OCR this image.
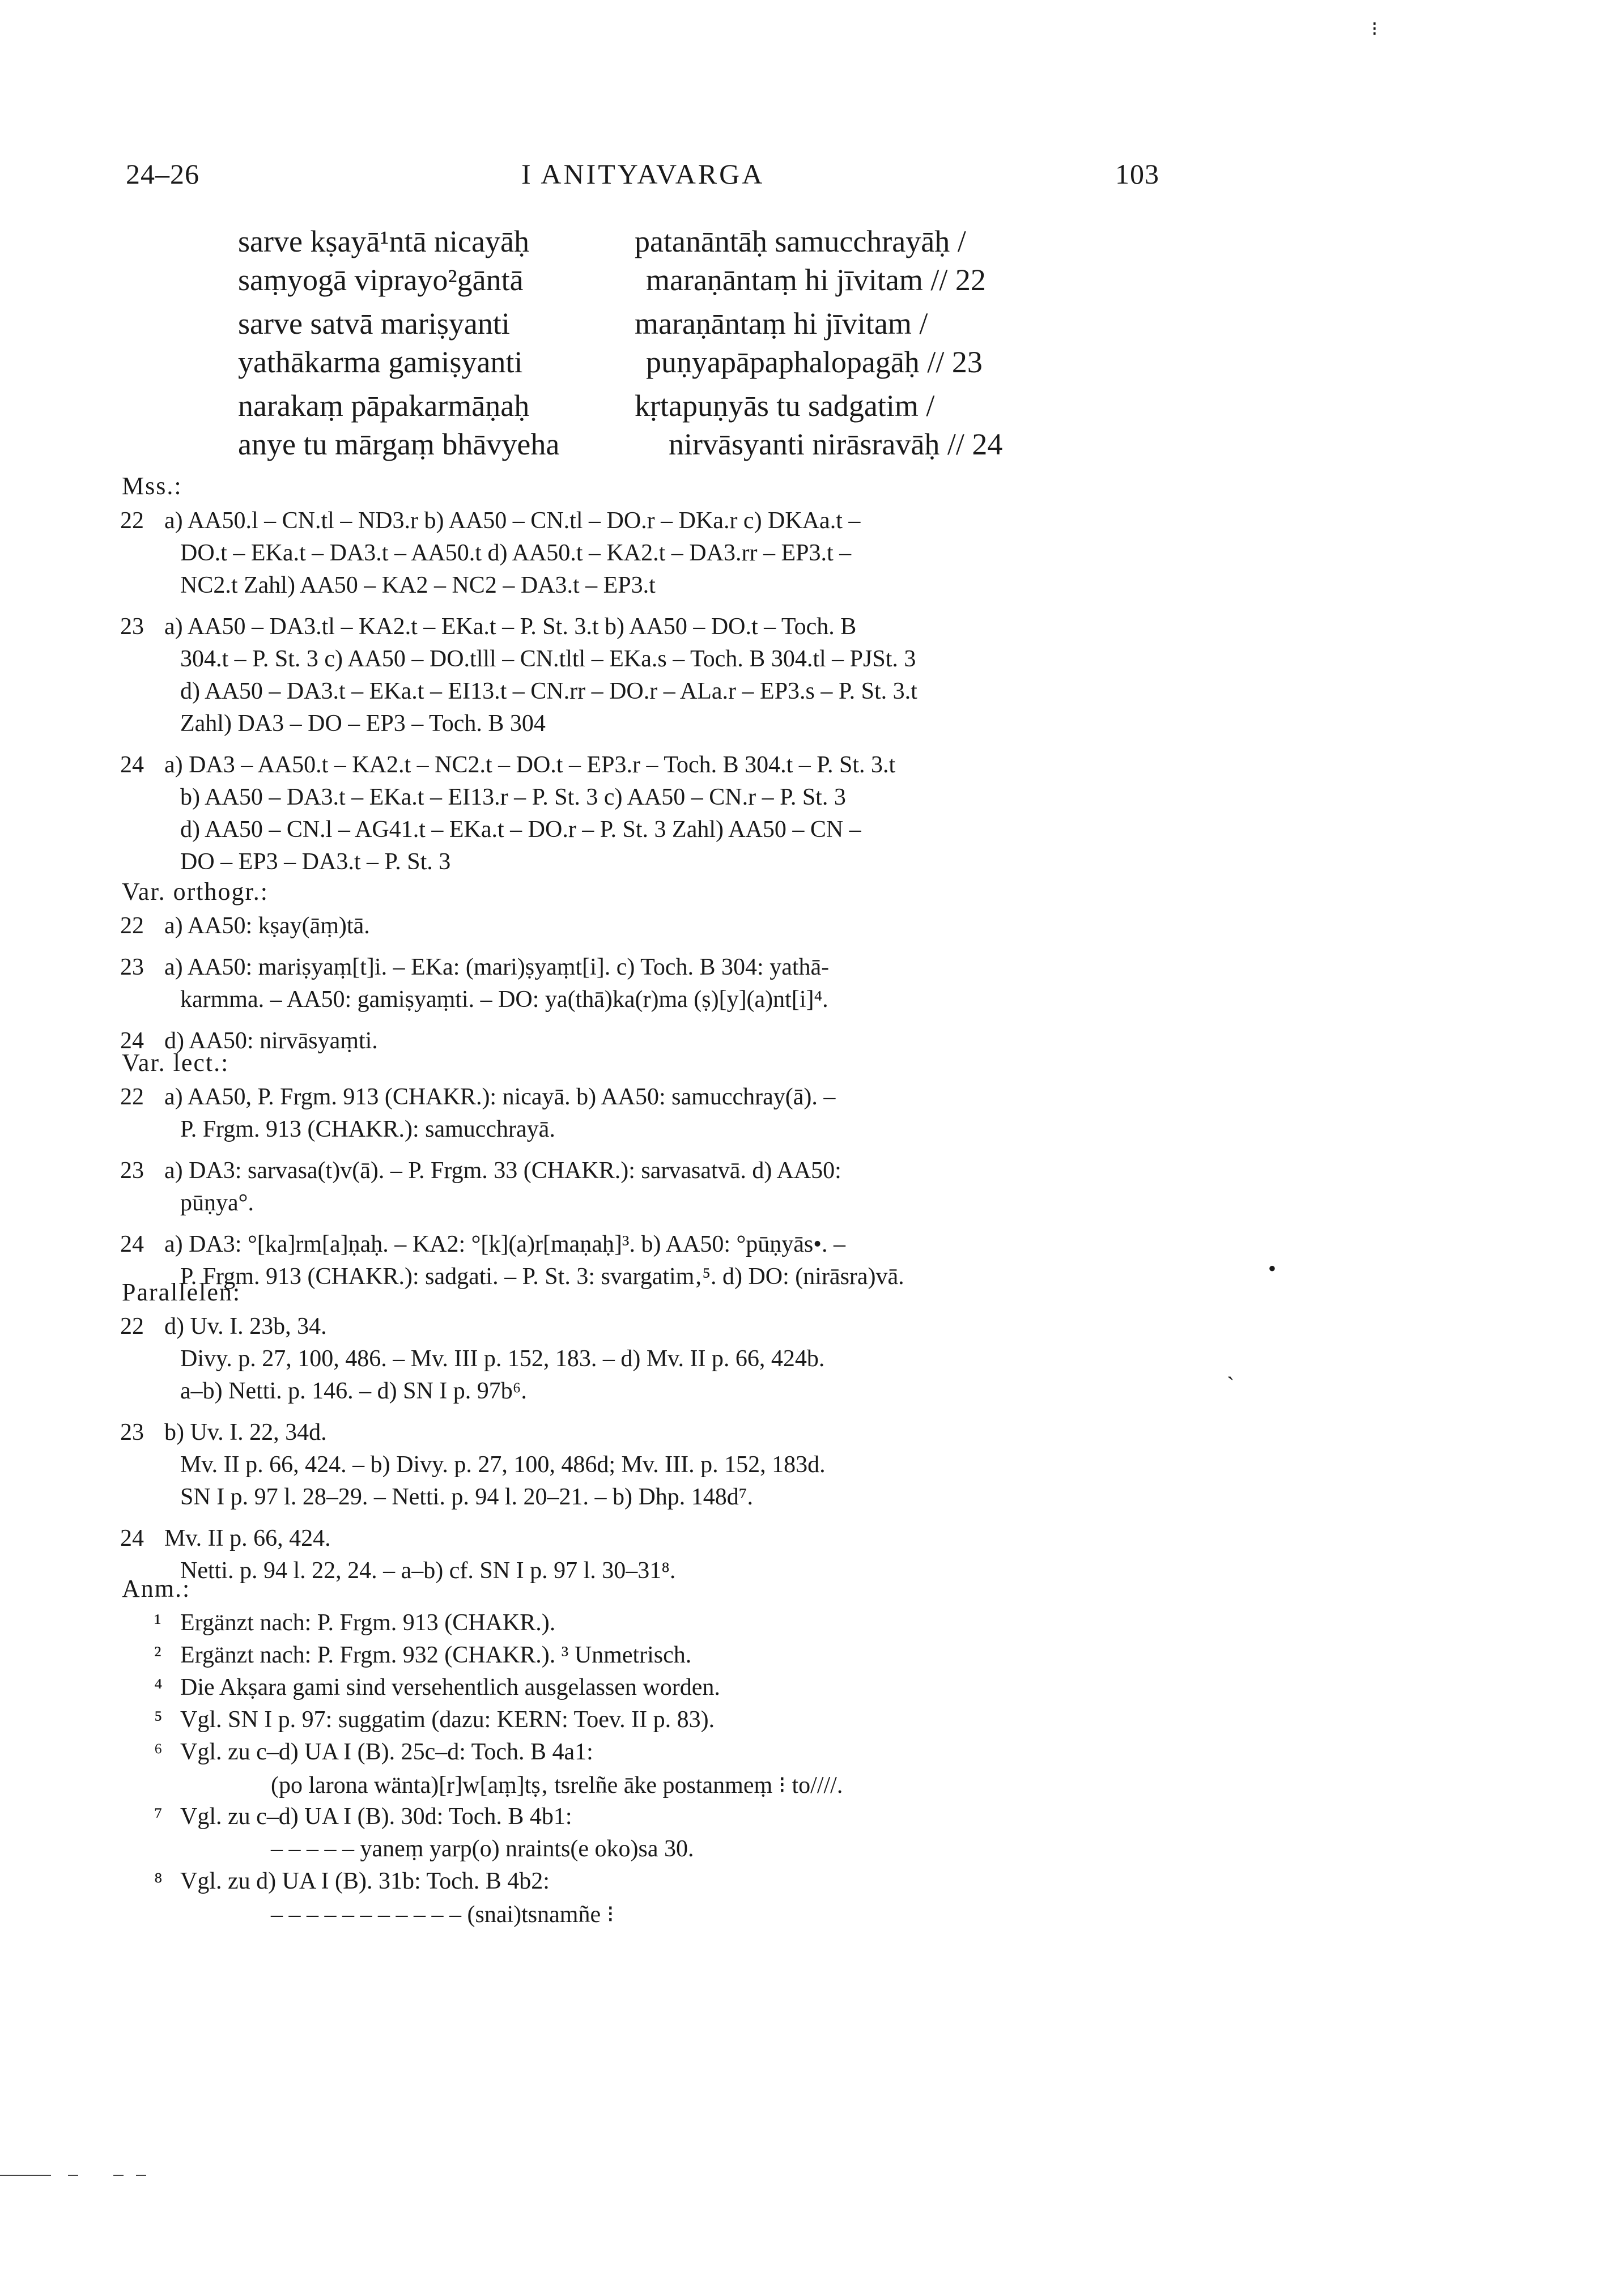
24–26	I ANITYAVARGA	103
sarve kṣayā¹ntā nicayāḥ	patanāntāḥ samucchrayāḥ /
saṃyogā viprayo²gāntā	maraṇāntaṃ hi jīvitam // 22
sarve satvā mariṣyanti	maraṇāntaṃ hi jīvitam /
yathākarma gamiṣyanti	puṇyapāpaphalopagāḥ // 23
narakaṃ pāpakarmāṇaḥ	kṛtapuṇyās tu sadgatim /
anye tu mārgaṃ bhāvyeha	nirvāsyanti nirāsravāḥ // 24
Mss.:
22 a) AA50.l – CN.tl – ND3.r b) AA50 – CN.tl – DO.r – DKa.r c) DKAa.t –
DO.t – EKa.t – DA3.t – AA50.t d) AA50.t – KA2.t – DA3.rr – EP3.t –
NC2.t Zahl) AA50 – KA2 – NC2 – DA3.t – EP3.t
23 a) AA50 – DA3.tl – KA2.t – EKa.t – P. St. 3.t b) AA50 – DO.t – Toch. B
304.t – P. St. 3 c) AA50 – DO.tlll – CN.tltl – EKa.s – Toch. B 304.tl – PJSt. 3
d) AA50 – DA3.t – EKa.t – EI13.t – CN.rr – DO.r – ALa.r – EP3.s – P. St. 3.t
Zahl) DA3 – DO – EP3 – Toch. B 304
24 a) DA3 – AA50.t – KA2.t – NC2.t – DO.t – EP3.r – Toch. B 304.t – P. St. 3.t
b) AA50 – DA3.t – EKa.t – EI13.r – P. St. 3 c) AA50 – CN.r – P. St. 3
d) AA50 – CN.l – AG41.t – EKa.t – DO.r – P. St. 3 Zahl) AA50 – CN –
DO – EP3 – DA3.t – P. St. 3
Var. orthogr.:
22 a) AA50: kṣay(āṃ)tā.
23 a) AA50: mariṣyaṃ[t]i. – EKa: (mari)ṣyaṃt[i]. c) Toch. B 304: yathā-
karmma. – AA50: gamiṣyaṃti. – DO: ya(thā)ka(r)ma (ṣ)[y](a)nt[i]⁴.
24 d) AA50: nirvāsyaṃti.
Var. lect.:
22 a) AA50, P. Frgm. 913 (CHAKR.): nicayā. b) AA50: samucchray(ā). –
P. Frgm. 913 (CHAKR.): samucchrayā.
23 a) DA3: sarvasa(t)v(ā). – P. Frgm. 33 (CHAKR.): sarvasatvā. d) AA50:
pūṇya°.
24 a) DA3: °[ka]rm[a]ṇaḥ. – KA2: °[k](a)r[maṇaḥ]³. b) AA50: °pūṇyās•. –
P. Frgm. 913 (CHAKR.): sadgati. – P. St. 3: svargatim‚⁵. d) DO: (nirāsra)vā.
Parallelen:
22 d) Uv. I. 23b, 34.
Divy. p. 27, 100, 486. – Mv. III p. 152, 183. – d) Mv. II p. 66, 424b.
a–b) Netti. p. 146. – d) SN I p. 97b⁶.
23 b) Uv. I. 22, 34d.
Mv. II p. 66, 424. – b) Divy. p. 27, 100, 486d; Mv. III. p. 152, 183d.
SN I p. 97 l. 28–29. – Netti. p. 94 l. 20–21. – b) Dhp. 148d⁷.
24 Mv. II p. 66, 424.
Netti. p. 94 l. 22, 24. – a–b) cf. SN I p. 97 l. 30–31⁸.
Anm.:
¹ Ergänzt nach: P. Frgm. 913 (CHAKR.).
² Ergänzt nach: P. Frgm. 932 (CHAKR.). ³ Unmetrisch.
⁴ Die Akṣara gami sind versehentlich ausgelassen worden.
⁵ Vgl. SN I p. 97: suggatim (dazu: KERN: Toev. II p. 83).
⁶ Vgl. zu c–d) UA I (B). 25c–d: Toch. B 4a1:
(po larona wänta)[r]w[aṃ]tṣ‚ tsrelñe āke postanmeṃ ⁝ to////.
⁷ Vgl. zu c–d) UA I (B). 30d: Toch. B 4b1:
– – – – – yaneṃ yarp(o) nraints(e oko)sa 30.
⁸ Vgl. zu d) UA I (B). 31b: Toch. B 4b2:
– – – – – – – – – – – (snai)tsnamñe ⁝
⁝
•
ˎ
